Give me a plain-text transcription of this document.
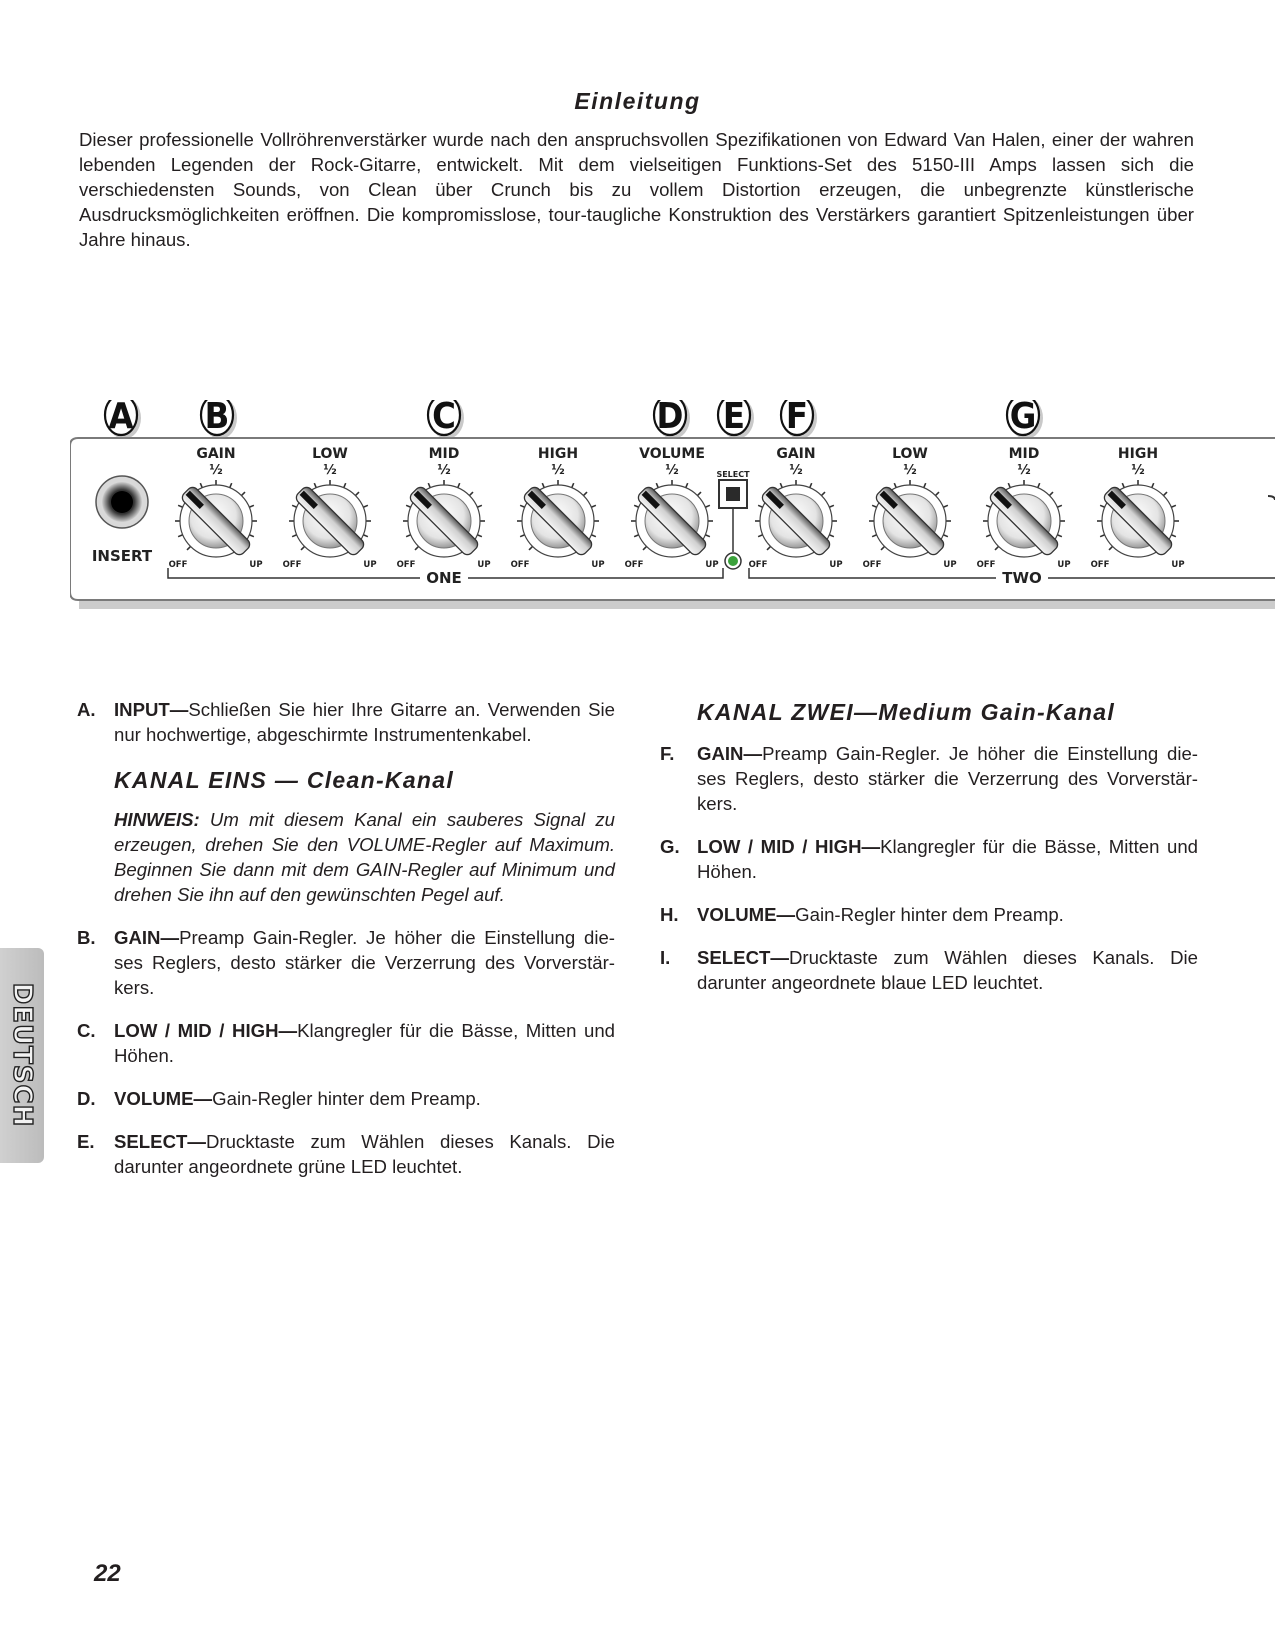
Einleitung

Dieser professionelle Vollröhrenverstärker wurde nach den anspruchsvollen Spezifikationen von Edward Van Halen, einer der wahren lebenden Legenden der Rock-Gitarre, entwickelt. Mit dem vielseitigen Funktions-Set des 5150-III Amps lassen sich die verschiedensten Sounds, von Clean über Crunch bis zu vollem Distortion erzeugen, die unbegrenzte künstlerische Ausdrucksmöglichkeiten eröffnen. Die kompromisslose, tour-taugliche Konstruktion des Verstärkers garantiert Spitzenleistungen über Jahre hinaus.

A B	C	D E F	G
GAIN
½
OFF	UP
LOW
½
OFF	UP
MID
½
OFF	UP
HIGH
½
OFF	UP
VOLUME
½
OFF	UP
GAIN
½
OFF	UP
LOW
½
OFF	UP
MID
½
OFF	UP
HIGH
½
OFF	UP
INSERT
SELECT
ONE	TWO
A. INPUT—Schließen Sie hier Ihre Gitarre an. Verwenden Sie nur hochwertige, abgeschirmte Instrumentenkabel.
KANAL EINS — Clean-Kanal
HINWEIS: Um mit diesem Kanal ein sauberes Signal zu erzeugen, drehen Sie den VOLUME-Regler auf Maximum. Beginnen Sie dann mit dem GAIN-Regler auf Minimum und drehen Sie ihn auf den gewünschten Pegel auf.
B. GAIN—Preamp Gain-Regler. Je höher die Einstellung dieses Reglers, desto stärker die Verzerrung des Vorverstärkers.
C. LOW / MID / HIGH—Klangregler für die Bässe, Mitten und Höhen.
D. VOLUME—Gain-Regler hinter dem Preamp.
E. SELECT—Drucktaste zum Wählen dieses Kanals. Die darunter angeordnete grüne LED leuchtet.
KANAL ZWEI—Medium Gain-Kanal
F. GAIN—Preamp Gain-Regler. Je höher die Einstellung dieses Reglers, desto stärker die Verzerrung des Vorverstärkers.
G. LOW / MID / HIGH—Klangregler für die Bässe, Mitten und Höhen.
H. VOLUME—Gain-Regler hinter dem Preamp.
I. SELECT—Drucktaste zum Wählen dieses Kanals. Die darunter angeordnete blaue LED leuchtet.
DEUTSCH
22
